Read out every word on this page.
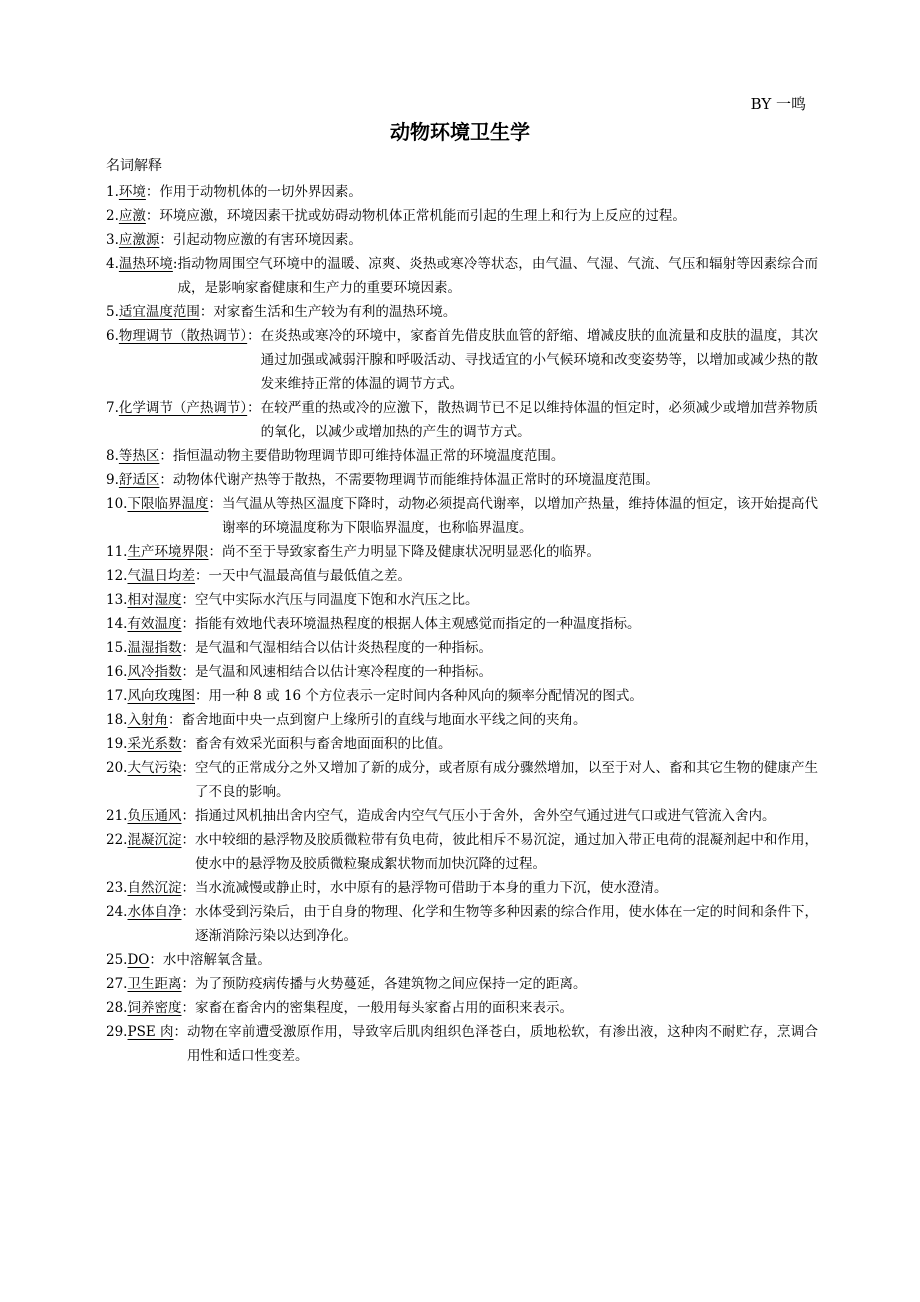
BY 一鸣
动物环境卫生学
名词解释
1.环境： 作用于动物机体的一切外界因素。
2.应激： 环境应激，环境因素干扰或妨碍动物机体正常机能而引起的生理上和行为上反应的过程。
3.应激源： 引起动物应激的有害环境因素。
4.温热环境: 指动物周围空气环境中的温暖、凉爽、炎热或寒冷等状态，由气温、气湿、气流、气压和辐射等因素综合而成，是影响家畜健康和生产力的重要环境因素。
5.适宜温度范围： 对家畜生活和生产较为有利的温热环境。
6.物理调节（散热调节）： 在炎热或寒冷的环境中，家畜首先借皮肤血管的舒缩、增减皮肤的血流量和皮肤的温度，其次通过加强或减弱汗腺和呼吸活动、寻找适宜的小气候环境和改变姿势等，以增加或减少热的散发来维持正常的体温的调节方式。
7.化学调节（产热调节）： 在较严重的热或冷的应激下，散热调节已不足以维持体温的恒定时，必须减少或增加营养物质的氧化，以减少或增加热的产生的调节方式。
8.等热区： 指恒温动物主要借助物理调节即可维持体温正常的环境温度范围。
9.舒适区： 动物体代谢产热等于散热，不需要物理调节而能维持体温正常时的环境温度范围。
10.下限临界温度： 当气温从等热区温度下降时，动物必须提高代谢率，以增加产热量，维持体温的恒定，该开始提高代谢率的环境温度称为下限临界温度，也称临界温度。
11.生产环境界限： 尚不至于导致家畜生产力明显下降及健康状况明显恶化的临界。
12.气温日均差： 一天中气温最高值与最低值之差。
13.相对湿度： 空气中实际水汽压与同温度下饱和水汽压之比。
14.有效温度： 指能有效地代表环境温热程度的根据人体主观感觉而指定的一种温度指标。
15.温湿指数： 是气温和气湿相结合以估计炎热程度的一种指标。
16.风冷指数： 是气温和风速相结合以估计寒冷程度的一种指标。
17.风向玫瑰图： 用一种 8 或 16 个方位表示一定时间内各种风向的频率分配情况的图式。
18.入射角： 畜舍地面中央一点到窗户上缘所引的直线与地面水平线之间的夹角。
19.采光系数： 畜舍有效采光面积与畜舍地面面积的比值。
20.大气污染： 空气的正常成分之外又增加了新的成分，或者原有成分骤然增加，以至于对人、畜和其它生物的健康产生了不良的影响。
21.负压通风： 指通过风机抽出舍内空气，造成舍内空气气压小于舍外，舍外空气通过进气口或进气管流入舍内。
22.混凝沉淀： 水中较细的悬浮物及胶质微粒带有负电荷，彼此相斥不易沉淀，通过加入带正电荷的混凝剂起中和作用，使水中的悬浮物及胶质微粒聚成絮状物而加快沉降的过程。
23.自然沉淀： 当水流减慢或静止时，水中原有的悬浮物可借助于本身的重力下沉，使水澄清。
24.水体自净： 水体受到污染后，由于自身的物理、化学和生物等多种因素的综合作用，使水体在一定的时间和条件下，逐渐消除污染以达到净化。
25.DO： 水中溶解氧含量。
27.卫生距离： 为了预防疫病传播与火势蔓延，各建筑物之间应保持一定的距离。
28.饲养密度： 家畜在畜舍内的密集程度，一般用每头家畜占用的面积来表示。
29.PSE 肉： 动物在宰前遭受激原作用，导致宰后肌肉组织色泽苍白，质地松软，有渗出液，这种肉不耐贮存，烹调合用性和适口性变差。
